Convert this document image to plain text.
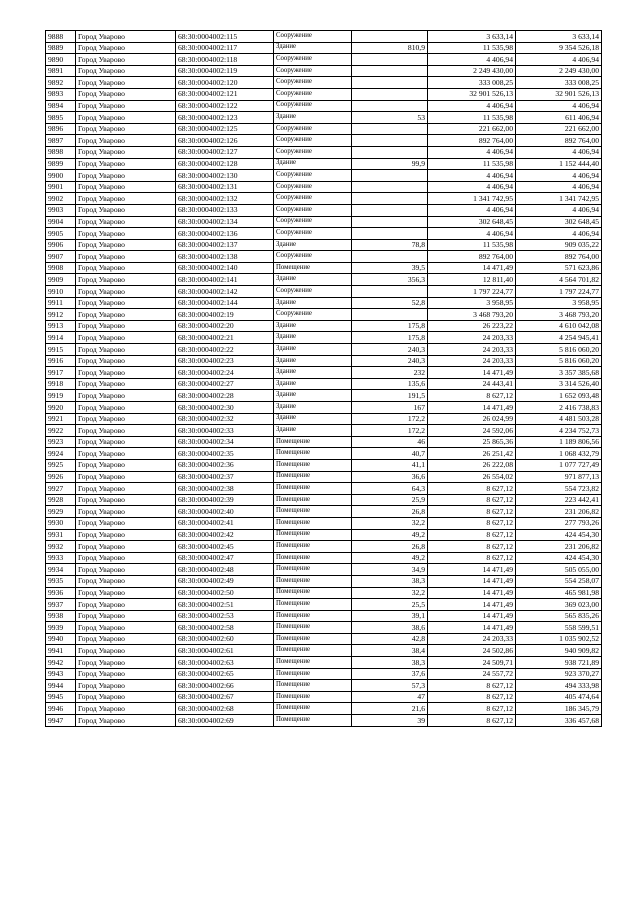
9888	Город Уварово	68:30:0004002:115	Сооружение		3 633,14	3 633,14
9889	Город Уварово	68:30:0004002:117	Здание	810,9	11 535,98	9 354 526,18
9890	Город Уварово	68:30:0004002:118	Сооружение		4 406,94	4 406,94
9891	Город Уварово	68:30:0004002:119	Сооружение		2 249 430,00	2 249 430,00
9892	Город Уварово	68:30:0004002:120	Сооружение		333 008,25	333 008,25
9893	Город Уварово	68:30:0004002:121	Сооружение		32 901 526,13	32 901 526,13
9894	Город Уварово	68:30:0004002:122	Сооружение		4 406,94	4 406,94
9895	Город Уварово	68:30:0004002:123	Здание	53	11 535,98	611 406,94
9896	Город Уварово	68:30:0004002:125	Сооружение		221 662,00	221 662,00
9897	Город Уварово	68:30:0004002:126	Сооружение		892 764,00	892 764,00
9898	Город Уварово	68:30:0004002:127	Сооружение		4 406,94	4 406,94
9899	Город Уварово	68:30:0004002:128	Здание	99,9	11 535,98	1 152 444,40
9900	Город Уварово	68:30:0004002:130	Сооружение		4 406,94	4 406,94
9901	Город Уварово	68:30:0004002:131	Сооружение		4 406,94	4 406,94
9902	Город Уварово	68:30:0004002:132	Сооружение		1 341 742,95	1 341 742,95
9903	Город Уварово	68:30:0004002:133	Сооружение		4 406,94	4 406,94
9904	Город Уварово	68:30:0004002:134	Сооружение		302 648,45	302 648,45
9905	Город Уварово	68:30:0004002:136	Сооружение		4 406,94	4 406,94
9906	Город Уварово	68:30:0004002:137	Здание	78,8	11 535,98	909 035,22
9907	Город Уварово	68:30:0004002:138	Сооружение		892 764,00	892 764,00
9908	Город Уварово	68:30:0004002:140	Помещение	39,5	14 471,49	571 623,86
9909	Город Уварово	68:30:0004002:141	Здание	356,3	12 811,40	4 564 701,82
9910	Город Уварово	68:30:0004002:142	Сооружение		1 797 224,77	1 797 224,77
9911	Город Уварово	68:30:0004002:144	Здание	52,8	3 958,95	3 958,95
9912	Город Уварово	68:30:0004002:19	Сооружение		3 468 793,20	3 468 793,20
9913	Город Уварово	68:30:0004002:20	Здание	175,8	26 223,22	4 610 042,08
9914	Город Уварово	68:30:0004002:21	Здание	175,8	24 203,33	4 254 945,41
9915	Город Уварово	68:30:0004002:22	Здание	240,3	24 203,33	5 816 060,20
9916	Город Уварово	68:30:0004002:23	Здание	240,3	24 203,33	5 816 060,20
9917	Город Уварово	68:30:0004002:24	Здание	232	14 471,49	3 357 385,68
9918	Город Уварово	68:30:0004002:27	Здание	135,6	24 443,41	3 314 526,40
9919	Город Уварово	68:30:0004002:28	Здание	191,5	8 627,12	1 652 093,48
9920	Город Уварово	68:30:0004002:30	Здание	167	14 471,49	2 416 738,83
9921	Город Уварово	68:30:0004002:32	Здание	172,2	26 024,99	4 481 503,28
9922	Город Уварово	68:30:0004002:33	Здание	172,2	24 592,06	4 234 752,73
9923	Город Уварово	68:30:0004002:34	Помещение	46	25 865,36	1 189 806,56
9924	Город Уварово	68:30:0004002:35	Помещение	40,7	26 251,42	1 068 432,79
9925	Город Уварово	68:30:0004002:36	Помещение	41,1	26 222,08	1 077 727,49
9926	Город Уварово	68:30:0004002:37	Помещение	36,6	26 554,02	971 877,13
9927	Город Уварово	68:30:0004002:38	Помещение	64,3	8 627,12	554 723,82
9928	Город Уварово	68:30:0004002:39	Помещение	25,9	8 627,12	223 442,41
9929	Город Уварово	68:30:0004002:40	Помещение	26,8	8 627,12	231 206,82
9930	Город Уварово	68:30:0004002:41	Помещение	32,2	8 627,12	277 793,26
9931	Город Уварово	68:30:0004002:42	Помещение	49,2	8 627,12	424 454,30
9932	Город Уварово	68:30:0004002:45	Помещение	26,8	8 627,12	231 206,82
9933	Город Уварово	68:30:0004002:47	Помещение	49,2	8 627,12	424 454,30
9934	Город Уварово	68:30:0004002:48	Помещение	34,9	14 471,49	505 055,00
9935	Город Уварово	68:30:0004002:49	Помещение	38,3	14 471,49	554 258,07
9936	Город Уварово	68:30:0004002:50	Помещение	32,2	14 471,49	465 981,98
9937	Город Уварово	68:30:0004002:51	Помещение	25,5	14 471,49	369 023,00
9938	Город Уварово	68:30:0004002:53	Помещение	39,1	14 471,49	565 835,26
9939	Город Уварово	68:30:0004002:58	Помещение	38,6	14 471,49	558 599,51
9940	Город Уварово	68:30:0004002:60	Помещение	42,8	24 203,33	1 035 902,52
9941	Город Уварово	68:30:0004002:61	Помещение	38,4	24 502,86	940 909,82
9942	Город Уварово	68:30:0004002:63	Помещение	38,3	24 509,71	938 721,89
9943	Город Уварово	68:30:0004002:65	Помещение	37,6	24 557,72	923 370,27
9944	Город Уварово	68:30:0004002:66	Помещение	57,3	8 627,12	494 333,98
9945	Город Уварово	68:30:0004002:67	Помещение	47	8 627,12	405 474,64
9946	Город Уварово	68:30:0004002:68	Помещение	21,6	8 627,12	186 345,79
9947	Город Уварово	68:30:0004002:69	Помещение	39	8 627,12	336 457,68
